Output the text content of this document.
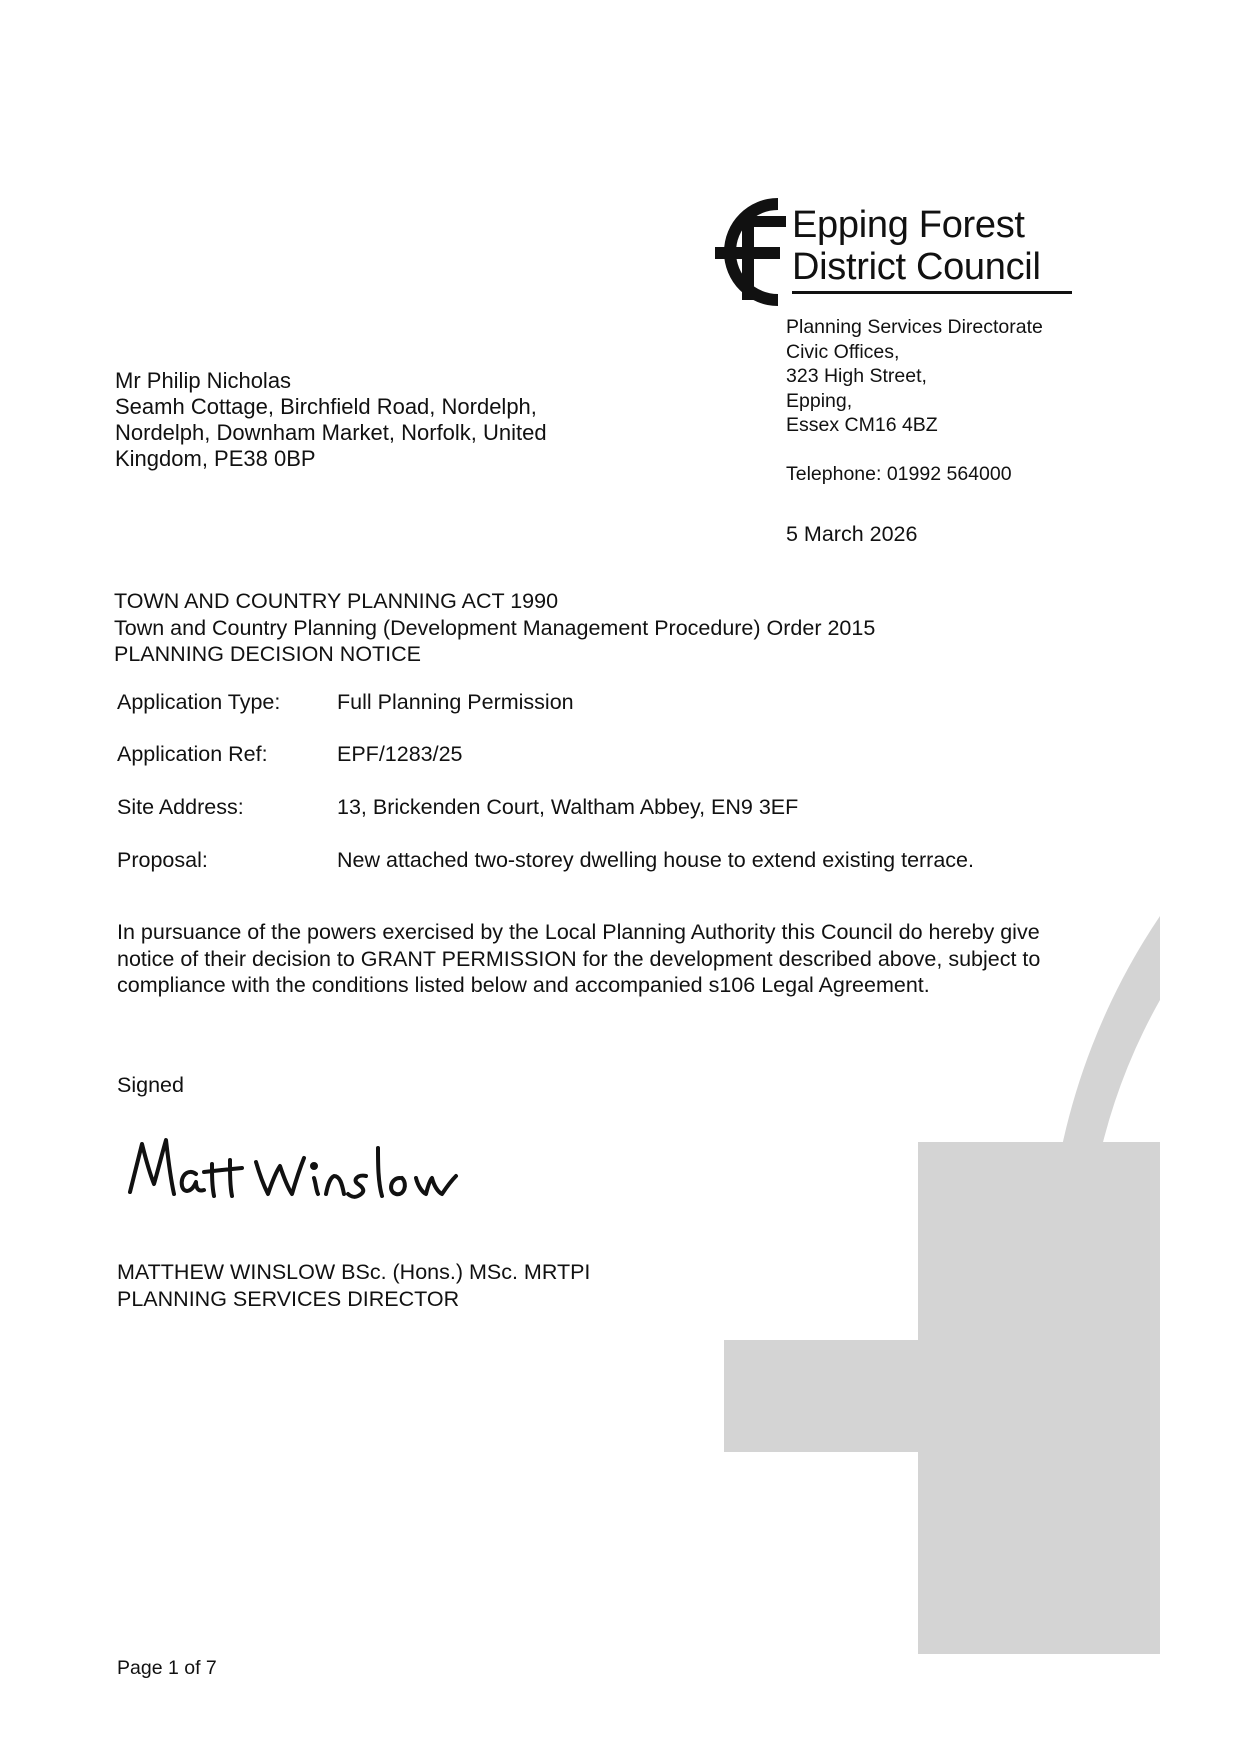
Epping Forest
District Council
Planning Services Directorate
Civic Offices,
323 High Street,
Epping,
Essex CM16 4BZ
Telephone: 01992 564000
Mr Philip Nicholas
Seamh Cottage, Birchfield Road, Nordelph,
Nordelph, Downham Market, Norfolk, United
Kingdom, PE38 0BP
5 March 2026
TOWN AND COUNTRY PLANNING ACT 1990
Town and Country Planning (Development Management Procedure) Order 2015
PLANNING DECISION NOTICE
Application Type:	Full Planning Permission
Application Ref:	EPF/1283/25
Site Address:	13, Brickenden Court, Waltham Abbey, EN9 3EF
Proposal:	New attached two-storey dwelling house to extend existing terrace.
In pursuance of the powers exercised by the Local Planning Authority this Council do hereby give
notice of their decision to GRANT PERMISSION for the development described above, subject to
compliance with the conditions listed below and accompanied s106 Legal Agreement.
Signed
MATTHEW WINSLOW BSc. (Hons.) MSc. MRTPI
PLANNING SERVICES DIRECTOR
Page 1 of 7
